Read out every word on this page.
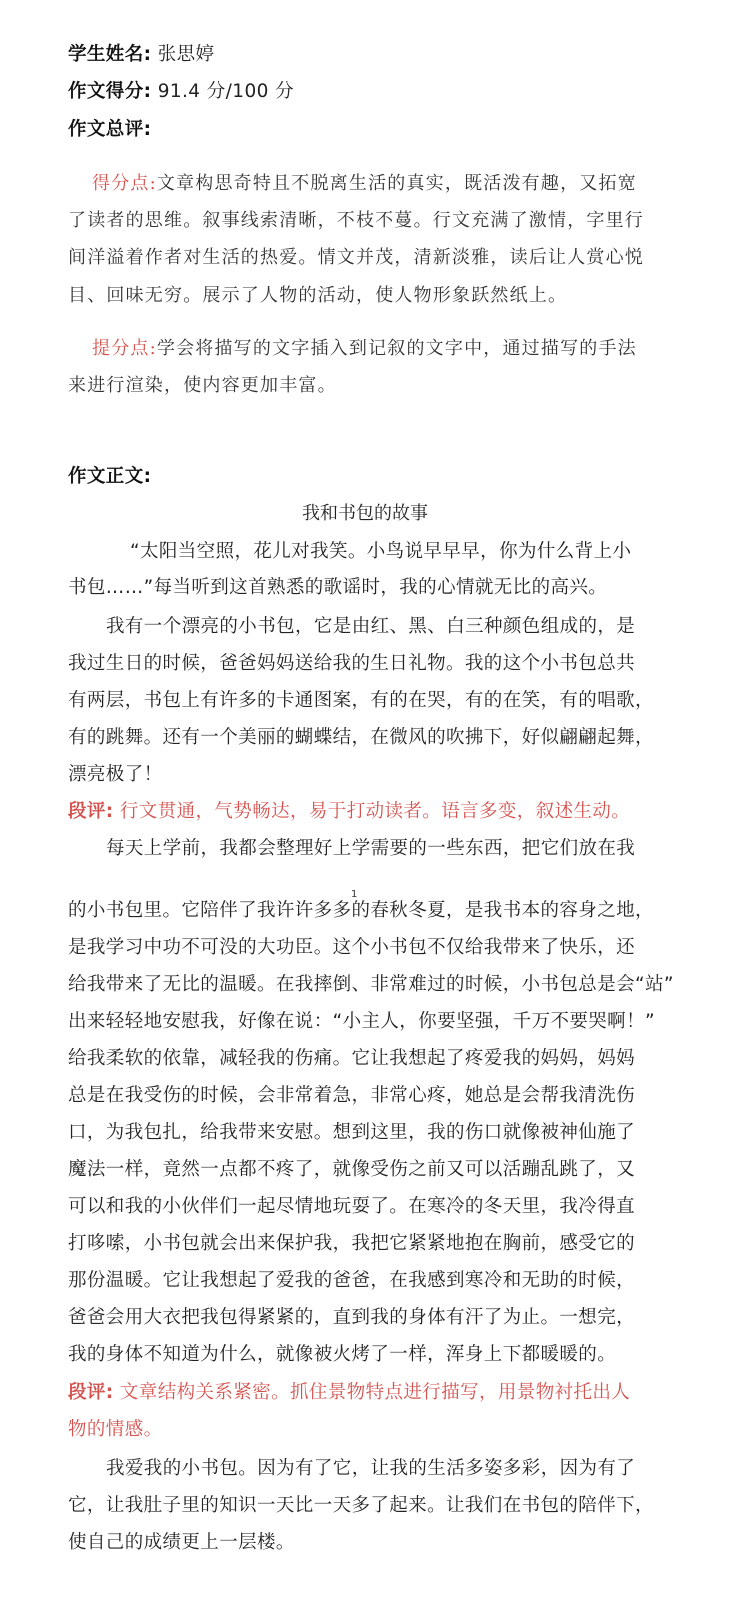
学生姓名: 张思婷
作文得分: 91.4 分/100 分
作文总评:
得分点:文章构思奇特且不脱离生活的真实，既活泼有趣，又拓宽
了读者的思维。叙事线索清晰，不枝不蔓。行文充满了激情，字里行
间洋溢着作者对生活的热爱。情文并茂，清新淡雅，读后让人赏心悦
目、回味无穷。展示了人物的活动，使人物形象跃然纸上。
提分点:学会将描写的文字插入到记叙的文字中，通过描写的手法
来进行渲染，使内容更加丰富。
作文正文:
我和书包的故事
“太阳当空照，花儿对我笑。小鸟说早早早，你为什么背上小
书包……”每当听到这首熟悉的歌谣时，我的心情就无比的高兴。
我有一个漂亮的小书包，它是由红、黑、白三种颜色组成的，是
我过生日的时候，爸爸妈妈送给我的生日礼物。我的这个小书包总共
有两层，书包上有许多的卡通图案，有的在哭，有的在笑，有的唱歌，
有的跳舞。还有一个美丽的蝴蝶结，在微风的吹拂下，好似翩翩起舞，
漂亮极了！
段评: 行文贯通，气势畅达，易于打动读者。语言多变，叙述生动。
每天上学前，我都会整理好上学需要的一些东西，把它们放在我
1
的小书包里。它陪伴了我许许多多的春秋冬夏，是我书本的容身之地，
是我学习中功不可没的大功臣。这个小书包不仅给我带来了快乐，还
给我带来了无比的温暖。在我摔倒、非常难过的时候，小书包总是会“站”
出来轻轻地安慰我，好像在说：“小主人，你要坚强，千万不要哭啊！”
给我柔软的依靠，减轻我的伤痛。它让我想起了疼爱我的妈妈，妈妈
总是在我受伤的时候，会非常着急，非常心疼，她总是会帮我清洗伤
口，为我包扎，给我带来安慰。想到这里，我的伤口就像被神仙施了
魔法一样，竟然一点都不疼了，就像受伤之前又可以活蹦乱跳了，又
可以和我的小伙伴们一起尽情地玩耍了。在寒冷的冬天里，我冷得直
打哆嗦，小书包就会出来保护我，我把它紧紧地抱在胸前，感受它的
那份温暖。它让我想起了爱我的爸爸，在我感到寒冷和无助的时候，
爸爸会用大衣把我包得紧紧的，直到我的身体有汗了为止。一想完，
我的身体不知道为什么，就像被火烤了一样，浑身上下都暖暖的。
段评: 文章结构关系紧密。抓住景物特点进行描写，用景物衬托出人
物的情感。
我爱我的小书包。因为有了它，让我的生活多姿多彩，因为有了
它，让我肚子里的知识一天比一天多了起来。让我们在书包的陪伴下，
使自己的成绩更上一层楼。
